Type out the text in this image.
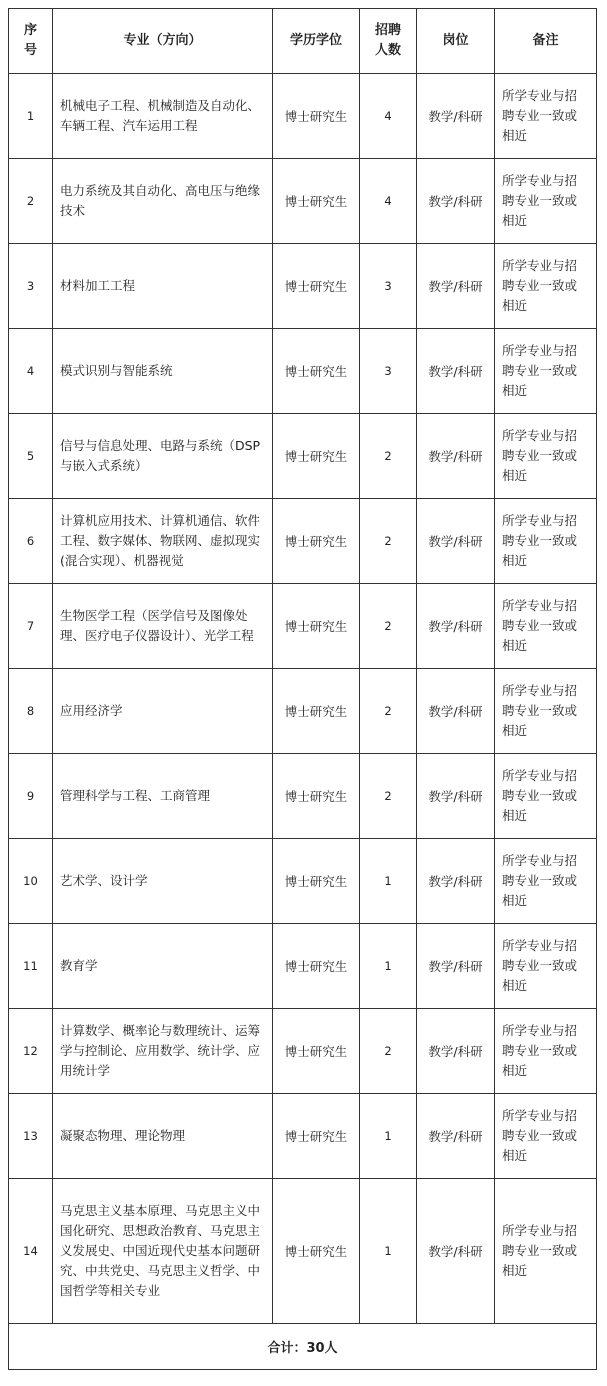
序号	专业（方向）	学历学位	招聘人数	岗位	备注
1	机械电子工程、机械制造及自动化、车辆工程、汽车运用工程	博士研究生	4	教学/科研	所学专业与招聘专业一致或相近
2	电力系统及其自动化、高电压与绝缘技术	博士研究生	4	教学/科研	所学专业与招聘专业一致或相近
3	材料加工工程	博士研究生	3	教学/科研	所学专业与招聘专业一致或相近
4	模式识别与智能系统	博士研究生	3	教学/科研	所学专业与招聘专业一致或相近
5	信号与信息处理、电路与系统（DSP与嵌入式系统）	博士研究生	2	教学/科研	所学专业与招聘专业一致或相近
6	计算机应用技术、计算机通信、软件工程、数字媒体、物联网、虚拟现实(混合实现）、机器视觉	博士研究生	2	教学/科研	所学专业与招聘专业一致或相近
7	生物医学工程（医学信号及图像处理、医疗电子仪器设计）、光学工程	博士研究生	2	教学/科研	所学专业与招聘专业一致或相近
8	应用经济学	博士研究生	2	教学/科研	所学专业与招聘专业一致或相近
9	管理科学与工程、工商管理	博士研究生	2	教学/科研	所学专业与招聘专业一致或相近
10	艺术学、设计学	博士研究生	1	教学/科研	所学专业与招聘专业一致或相近
11	教育学	博士研究生	1	教学/科研	所学专业与招聘专业一致或相近
12	计算数学、概率论与数理统计、运筹学与控制论、应用数学、统计学、应用统计学	博士研究生	2	教学/科研	所学专业与招聘专业一致或相近
13	凝聚态物理、理论物理	博士研究生	1	教学/科研	所学专业与招聘专业一致或相近
14	马克思主义基本原理、马克思主义中国化研究、思想政治教育、马克思主义发展史、中国近现代史基本问题研究、中共党史、马克思主义哲学、中国哲学等相关专业	博士研究生	1	教学/科研	所学专业与招聘专业一致或相近
合计：30人					
